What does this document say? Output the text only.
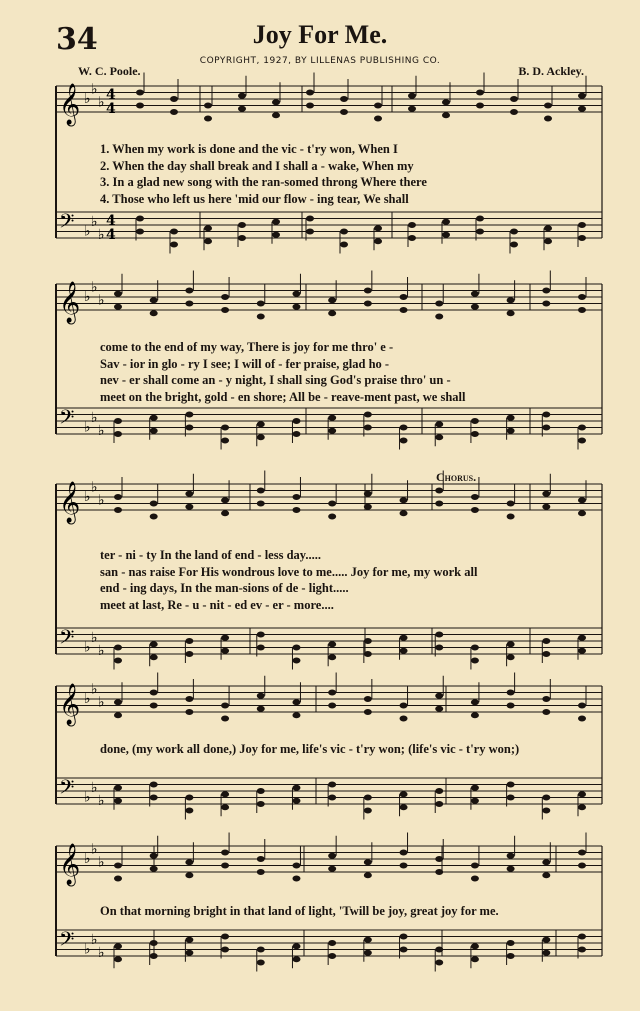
34	Joy For Me.
COPYRIGHT, 1927, BY LILLENAS PUBLISHING CO.
W. C. Poole.	B. D. Ackley.
Chorus.
𝄞 ♭
♭
♭
𝄢 ♭
♭
♭
4
4
4
4
𝄞 ♭
♭
♭
𝄢 ♭
♭
♭
𝄞 ♭
♭
♭
𝄢 ♭
♭
♭
𝄞 ♭
♭
♭
𝄢 ♭
♭
♭
𝄞 ♭
♭
♭
𝄢 ♭
♭
♭
1. When my work is done and the vic - t'ry won, When I
2. When the day shall break and I shall a - wake, When my
3. In a glad new song with the ran-somed throng Where there
4. Those who left us here 'mid our flow - ing tear, We shall
come to the end of my way, There is joy for me thro' e -
Sav - ior in glo - ry I see; I will of - fer praise, glad ho -
nev - er shall come an - y night, I shall sing God's praise thro' un -
meet on the bright, gold - en shore; All be - reave-ment past, we shall
ter - ni - ty In the land of end - less day.....
san - nas raise For His wondrous love to me..... Joy for me, my work all
end - ing days, In the man-sions of de - light.....
meet at last, Re - u - nit - ed ev - er - more....
done, (my work all done,) Joy for me, life's vic - t'ry won; (life's vic - t'ry won;)
On that morning bright in that land of light, 'Twill be joy, great joy for me.
